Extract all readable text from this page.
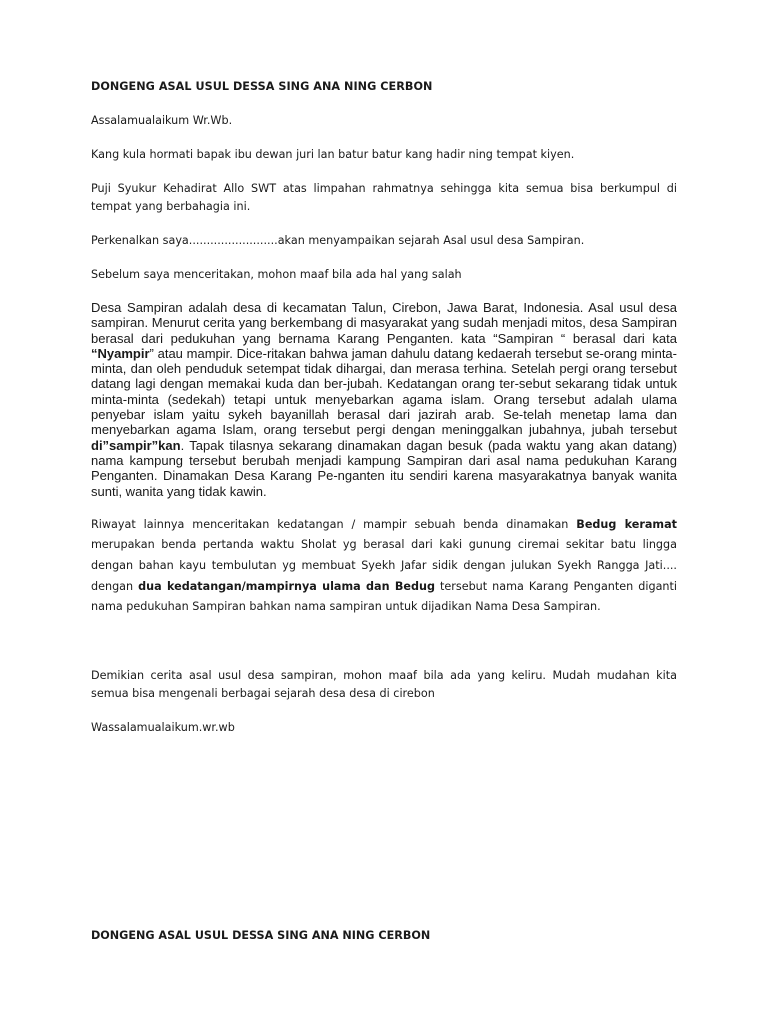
DONGENG ASAL USUL DESSA SING ANA NING CERBON
Assalamualaikum Wr.Wb.
Kang kula hormati bapak ibu dewan juri lan batur batur kang hadir ning tempat kiyen.
Puji Syukur Kehadirat Allo SWT atas limpahan rahmatnya sehingga kita semua bisa berkumpul di tempat yang berbahagia ini.
Perkenalkan saya.........................akan menyampaikan sejarah Asal usul desa Sampiran.
Sebelum saya menceritakan, mohon maaf bila ada hal yang salah
Desa Sampiran adalah desa di kecamatan Talun, Cirebon, Jawa Barat, Indonesia. Asal usul desa sampiran. Menurut cerita yang berkembang di masyarakat yang sudah menjadi mitos, desa Sampiran berasal dari pedukuhan yang bernama Karang Penganten. kata “Sampiran “ berasal dari kata “Nyampir” atau mampir. Dice-ritakan bahwa jaman dahulu datang kedaerah tersebut se-orang minta-minta, dan oleh penduduk setempat tidak dihargai, dan merasa terhina. Setelah pergi orang tersebut datang lagi dengan memakai kuda dan ber-jubah. Kedatangan orang ter-sebut sekarang tidak untuk minta-minta (sedekah) tetapi untuk menyebarkan agama islam. Orang tersebut adalah ulama penyebar islam yaitu sykeh bayanillah berasal dari jazirah arab. Se-telah menetap lama dan menyebarkan agama Islam, orang tersebut pergi dengan meninggalkan jubahnya, jubah tersebut di”sampir”kan. Tapak tilasnya sekarang dinamakan dagan besuk (pada waktu yang akan datang) nama kampung tersebut berubah menjadi kampung Sampiran dari asal nama pedukuhan Karang Penganten. Dinamakan Desa Karang Pe-nganten itu sendiri karena masyarakatnya banyak wanita sunti, wanita yang tidak kawin.
Riwayat lainnya menceritakan kedatangan / mampir sebuah benda dinamakan Bedug keramat merupakan benda pertanda waktu Sholat yg berasal dari kaki gunung ciremai sekitar batu lingga dengan bahan kayu tembulutan yg membuat Syekh Jafar sidik dengan julukan Syekh Rangga Jati.... dengan dua kedatangan/mampirnya ulama dan Bedug tersebut nama Karang Penganten diganti nama pedukuhan Sampiran bahkan nama sampiran untuk dijadikan Nama Desa Sampiran.
Demikian cerita asal usul desa sampiran, mohon maaf bila ada yang keliru. Mudah mudahan kita semua bisa mengenali berbagai sejarah desa desa di cirebon
Wassalamualaikum.wr.wb
DONGENG ASAL USUL DESSA SING ANA NING CERBON
